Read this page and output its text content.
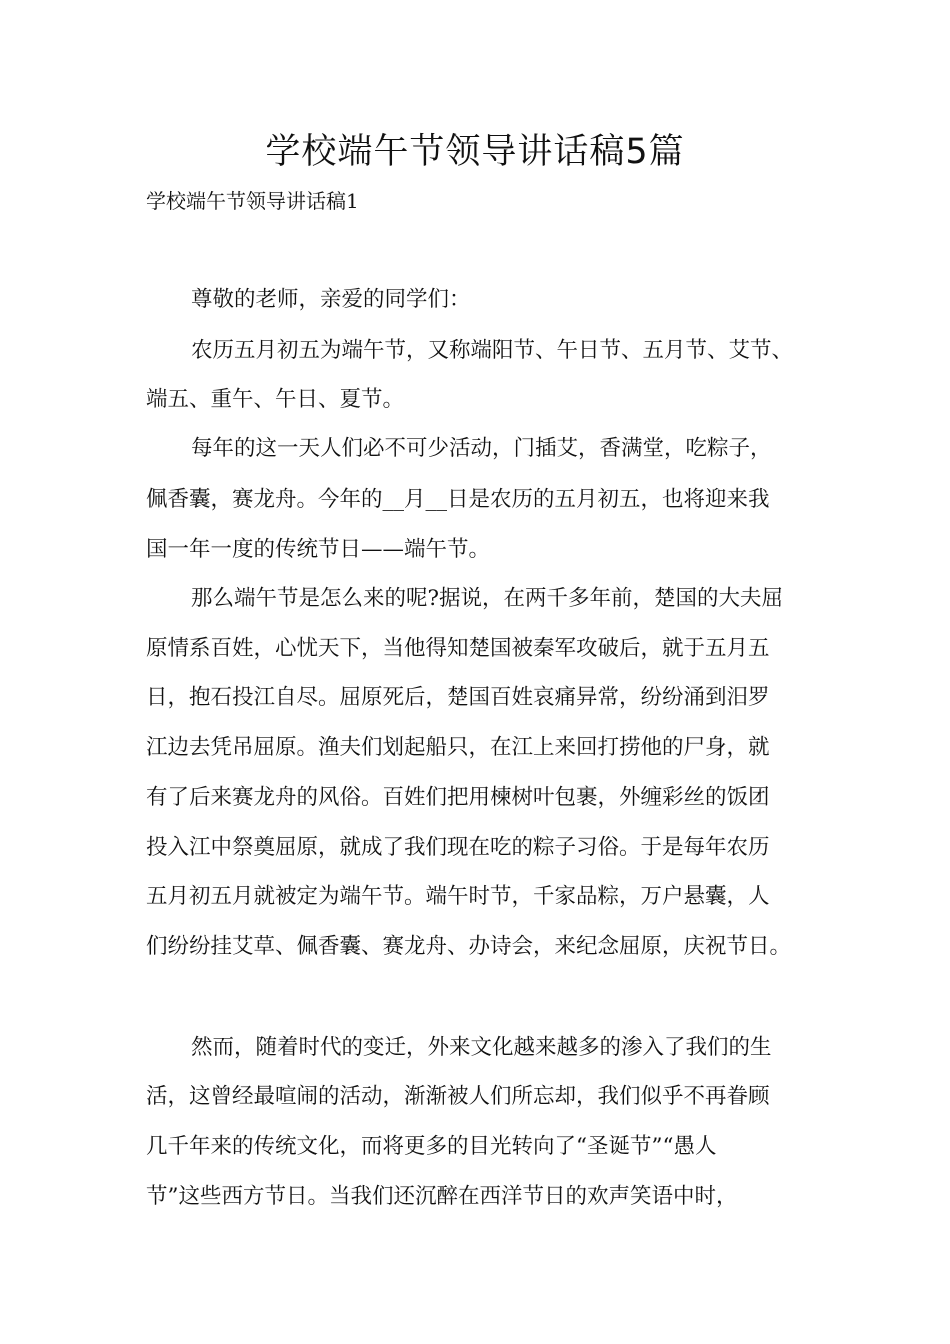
学校端午节领导讲话稿5篇
学校端午节领导讲话稿1
尊敬的老师，亲爱的同学们：
农历五月初五为端午节，又称端阳节、午日节、五月节、艾节、
端五、重午、午日、夏节。
每年的这一天人们必不可少活动，门插艾，香满堂，吃粽子，
佩香囊，赛龙舟。今年的__月__日是农历的五月初五，也将迎来我
国一年一度的传统节日——端午节。
那么端午节是怎么来的呢?据说，在两千多年前，楚国的大夫屈
原情系百姓，心忧天下，当他得知楚国被秦军攻破后，就于五月五
日，抱石投江自尽。屈原死后，楚国百姓哀痛异常，纷纷涌到汨罗
江边去凭吊屈原。渔夫们划起船只，在江上来回打捞他的尸身，就
有了后来赛龙舟的风俗。百姓们把用楝树叶包裹，外缠彩丝的饭团
投入江中祭奠屈原，就成了我们现在吃的粽子习俗。于是每年农历
五月初五月就被定为端午节。端午时节，千家品粽，万户悬囊，人
们纷纷挂艾草、佩香囊、赛龙舟、办诗会，来纪念屈原，庆祝节日。
然而，随着时代的变迁，外来文化越来越多的渗入了我们的生
活，这曾经最喧闹的活动，渐渐被人们所忘却，我们似乎不再眷顾
几千年来的传统文化，而将更多的目光转向了“圣诞节”“愚人
节”这些西方节日。当我们还沉醉在西洋节日的欢声笑语中时，
